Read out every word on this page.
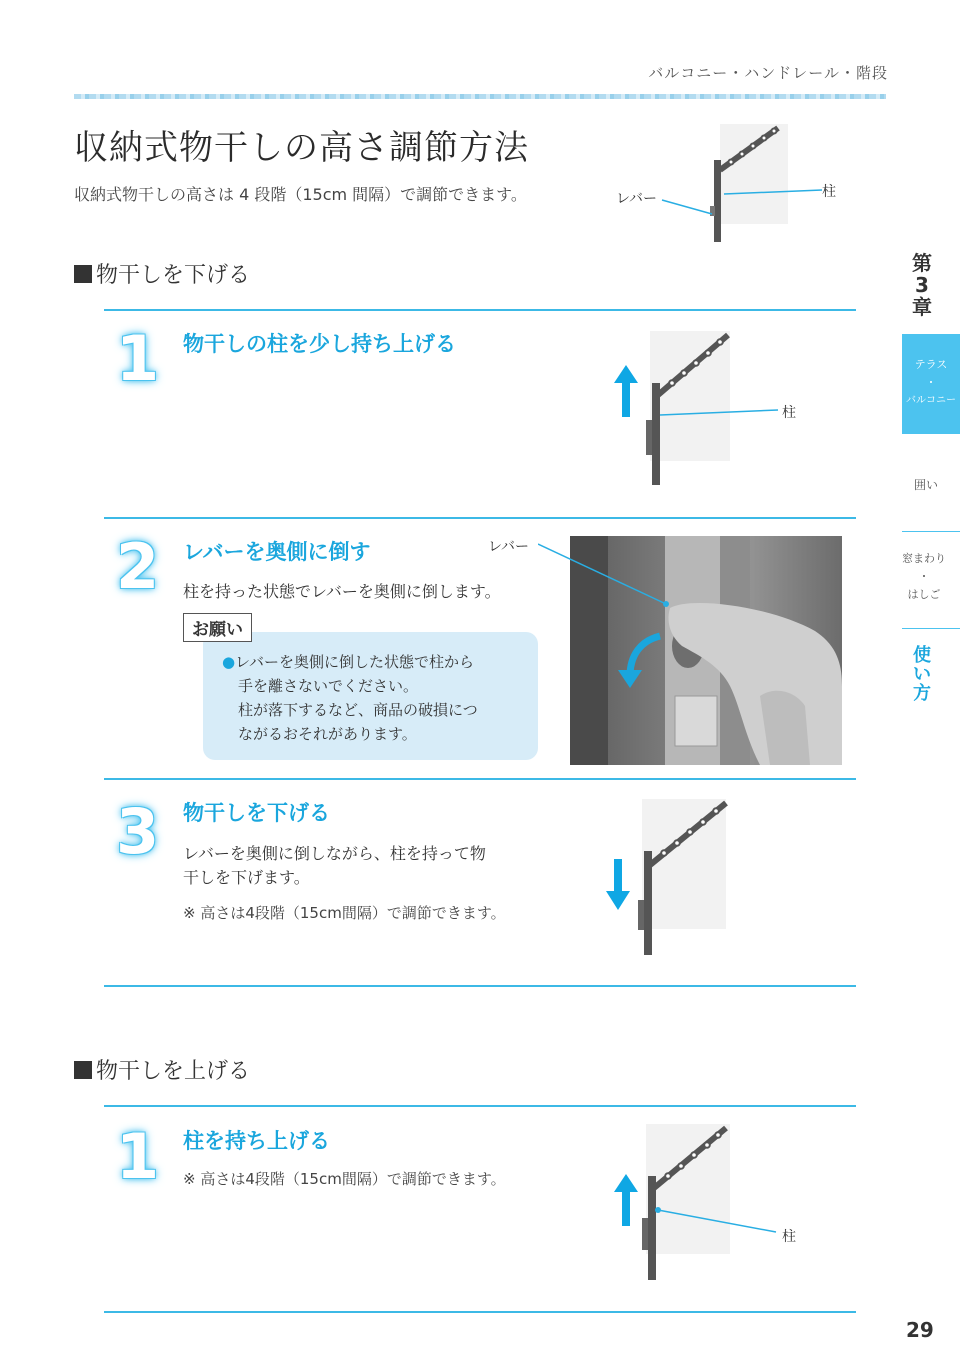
バルコニー・ハンドレール・階段
収納式物干しの高さ調節方法
収納式物干しの高さは 4 段階（15cm 間隔）で調節できます。	レバー	柱
物干しを下げる
1 物干しの柱を少し持ち上げる
柱
2 レバーを奥側に倒す
柱を持った状態でレバーを奥側に倒します。
お願い
●レバーを奥側に倒した状態で柱から
手を離さないでください。
柱が落下するなど、商品の破損につ
ながるおそれがあります。
レバー
3 物干しを下げる
レバーを奥側に倒しながら、柱を持って物
干しを下げます。
※ 高さは4段階（15cm間隔）で調節できます。
物干しを上げる
1 柱を持ち上げる
※ 高さは4段階（15cm間隔）で調節できます。
柱
第
3
章
テラス
・
バルコニー
囲い
窓まわり
・
はしご
使
い
方
29
